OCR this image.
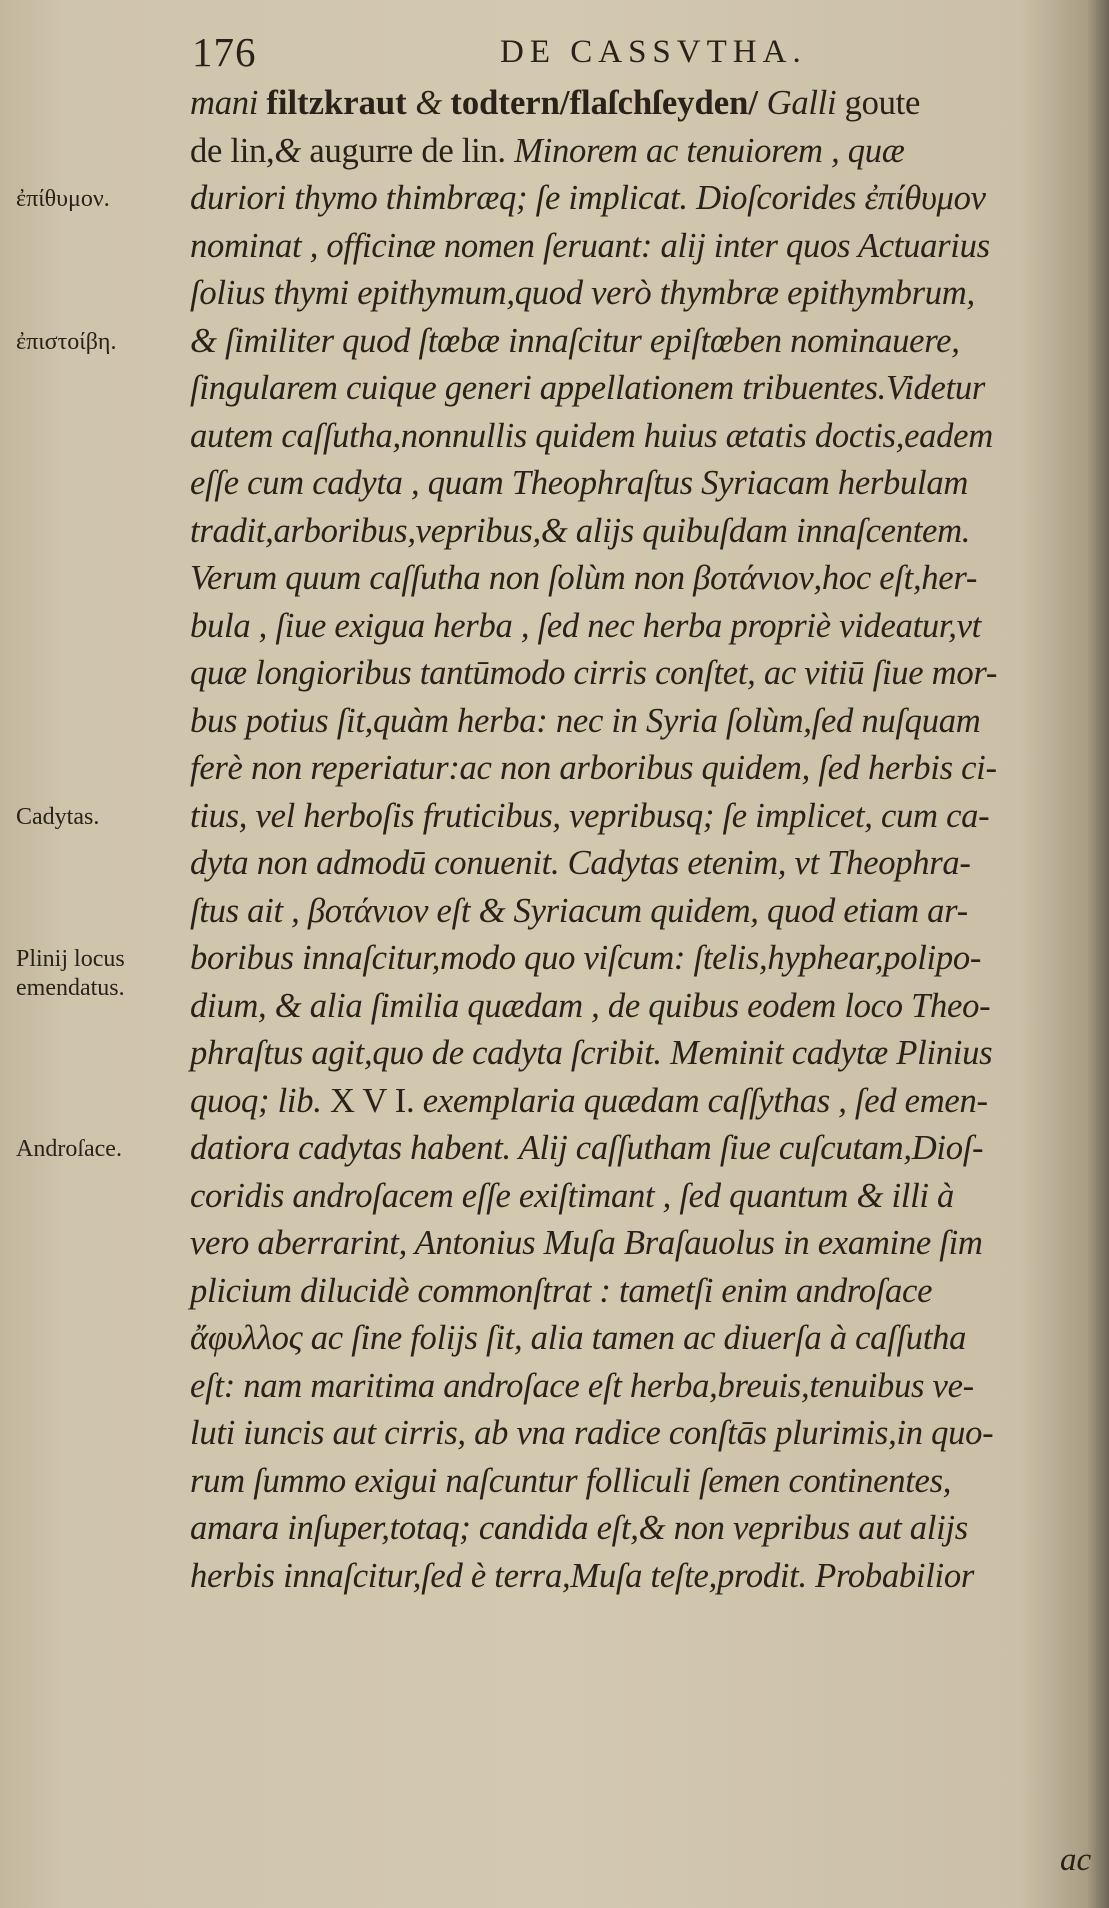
176	DE CASSVTHA.
ἐπίθυμον.
ἐπιστοίβη.
Cadytas.
Plinij locus
emendatus.
Androſace.
mani filtzkraut & todtern/flaſchſeyden/ Galli goute
de lin,& augurre de lin. Minorem ac tenuiorem , quæ
duriori thymo thimbræq; ſe implicat. Dioſcorides ἐπίθυμον
nominat , officinæ nomen ſeruant: alij inter quos Actuarius
ſolius thymi epithymum,quod verò thymbræ epithymbrum,
& ſimiliter quod ſtœbæ innaſcitur epiſtœben nominauere,
ſingularem cuique generi appellationem tribuentes.Videtur
autem caſſutha,nonnullis quidem huius ætatis doctis,eadem
eſſe cum cadyta , quam Theophraſtus Syriacam herbulam
tradit,arboribus,vepribus,& alijs quibuſdam innaſcentem.
Verum quum caſſutha non ſolùm non βοτάνιον,hoc eſt,her-
bula , ſiue exigua herba , ſed nec herba propriè videatur,vt
quæ longioribus tantūmodo cirris conſtet, ac vitiū ſiue mor-
bus potius ſit,quàm herba: nec in Syria ſolùm,ſed nuſquam
ferè non reperiatur:ac non arboribus quidem, ſed herbis ci-
tius, vel herboſis fruticibus, vepribusq; ſe implicet, cum ca-
dyta non admodū conuenit. Cadytas etenim, vt Theophra-
ſtus ait , βοτάνιον eſt & Syriacum quidem, quod etiam ar-
boribus innaſcitur,modo quo viſcum: ſtelis,hyphear,polipo-
dium, & alia ſimilia quædam , de quibus eodem loco Theo-
phraſtus agit,quo de cadyta ſcribit. Meminit cadytæ Plinius
quoq; lib. X V I. exemplaria quædam caſſythas , ſed emen-
datiora cadytas habent. Alij caſſutham ſiue cuſcutam,Dioſ-
coridis androſacem eſſe exiſtimant , ſed quantum & illi à
vero aberrarint, Antonius Muſa Braſauolus in examine ſim
plicium dilucidè commonſtrat : tametſi enim androſace
ἄφυλλος ac ſine folijs ſit, alia tamen ac diuerſa à caſſutha
eſt: nam maritima androſace eſt herba,breuis,tenuibus ve-
luti iuncis aut cirris, ab vna radice conſtās plurimis,in quo-
rum ſummo exigui naſcuntur folliculi ſemen continentes,
amara inſuper,totaq; candida eſt,& non vepribus aut alijs
herbis innaſcitur,ſed è terra,Muſa teſte,prodit. Probabilior
ac
